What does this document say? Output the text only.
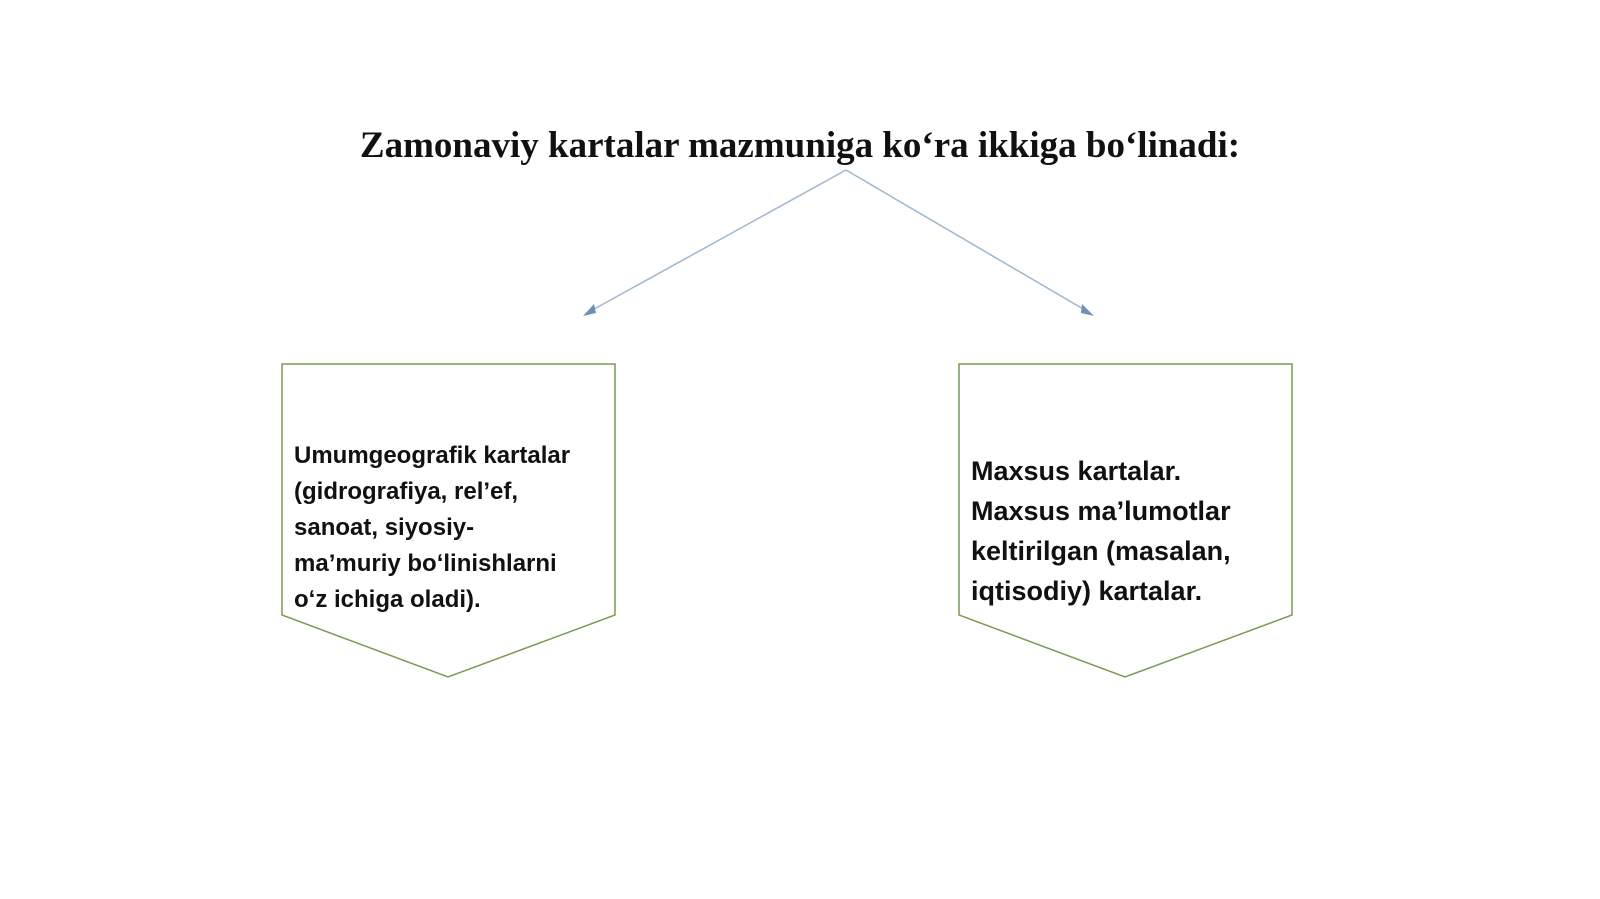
Zamonaviy kartalar mazmuniga koʻra ikkiga boʻlinadi:
Umumgeografik kartalar
(gidrografiya, rel’ef,
sanoat, siyosiy-
ma’muriy boʻlinishlarni
oʻz ichiga oladi).
Maxsus kartalar.
Maxsus ma’lumotlar
keltirilgan (masalan,
iqtisodiy) kartalar.
